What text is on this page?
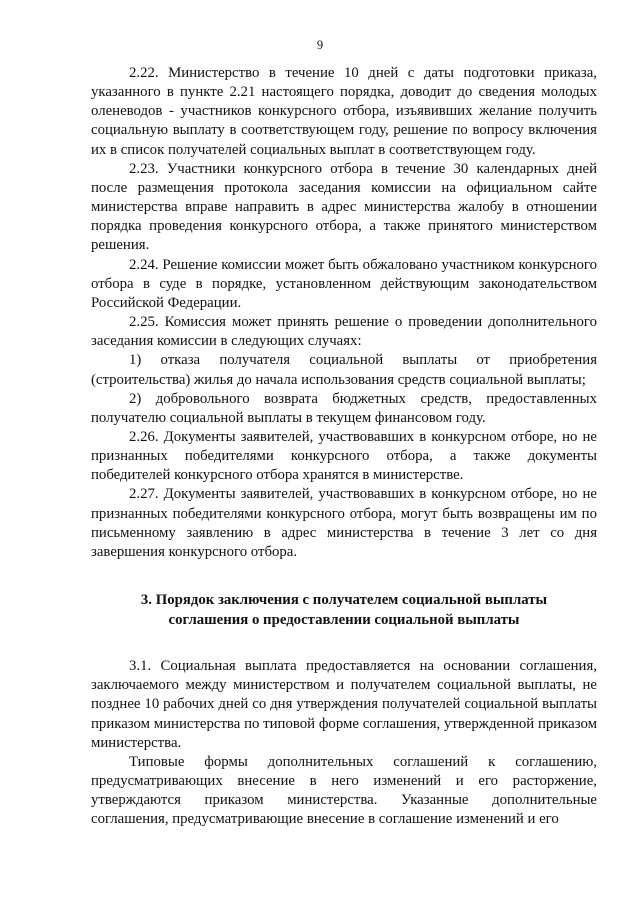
9

2.22. Министерство в течение 10 дней с даты подготовки приказа, указанного в пункте 2.21 настоящего порядка, доводит до сведения молодых оленеводов - участников конкурсного отбора, изъявивших желание получить социальную выплату в соответствующем году, решение по вопросу включения их в список получателей социальных выплат в соответствующем году.

2.23. Участники конкурсного отбора в течение 30 календарных дней после размещения протокола заседания комиссии на официальном сайте министерства вправе направить в адрес министерства жалобу в отношении порядка проведения конкурсного отбора, а также принятого министерством решения.

2.24. Решение комиссии может быть обжаловано участником конкурсного отбора в суде в порядке, установленном действующим законодательством Российской Федерации.

2.25. Комиссия может принять решение о проведении дополнительного заседания комиссии в следующих случаях:

1) отказа получателя социальной выплаты от приобретения (строительства) жилья до начала использования средств социальной выплаты;

2) добровольного возврата бюджетных средств, предоставленных получателю социальной выплаты в текущем финансовом году.

2.26. Документы заявителей, участвовавших в конкурсном отборе, но не признанных победителями конкурсного отбора, а также документы победителей конкурсного отбора хранятся в министерстве.

2.27. Документы заявителей, участвовавших в конкурсном отборе, но не признанных победителями конкурсного отбора, могут быть возвращены им по письменному заявлению в адрес министерства в течение 3 лет со дня завершения конкурсного отбора.

3. Порядок заключения с получателем социальной выплаты
соглашения о предоставлении социальной выплаты

3.1. Социальная выплата предоставляется на основании соглашения, заключаемого между министерством и получателем социальной выплаты, не позднее 10 рабочих дней со дня утверждения получателей социальной выплаты приказом министерства по типовой форме соглашения, утвержденной приказом министерства.

Типовые формы дополнительных соглашений к соглашению, предусматривающих внесение в него изменений и его расторжение, утверждаются приказом министерства. Указанные дополнительные соглашения, предусматривающие внесение в соглашение изменений и его
